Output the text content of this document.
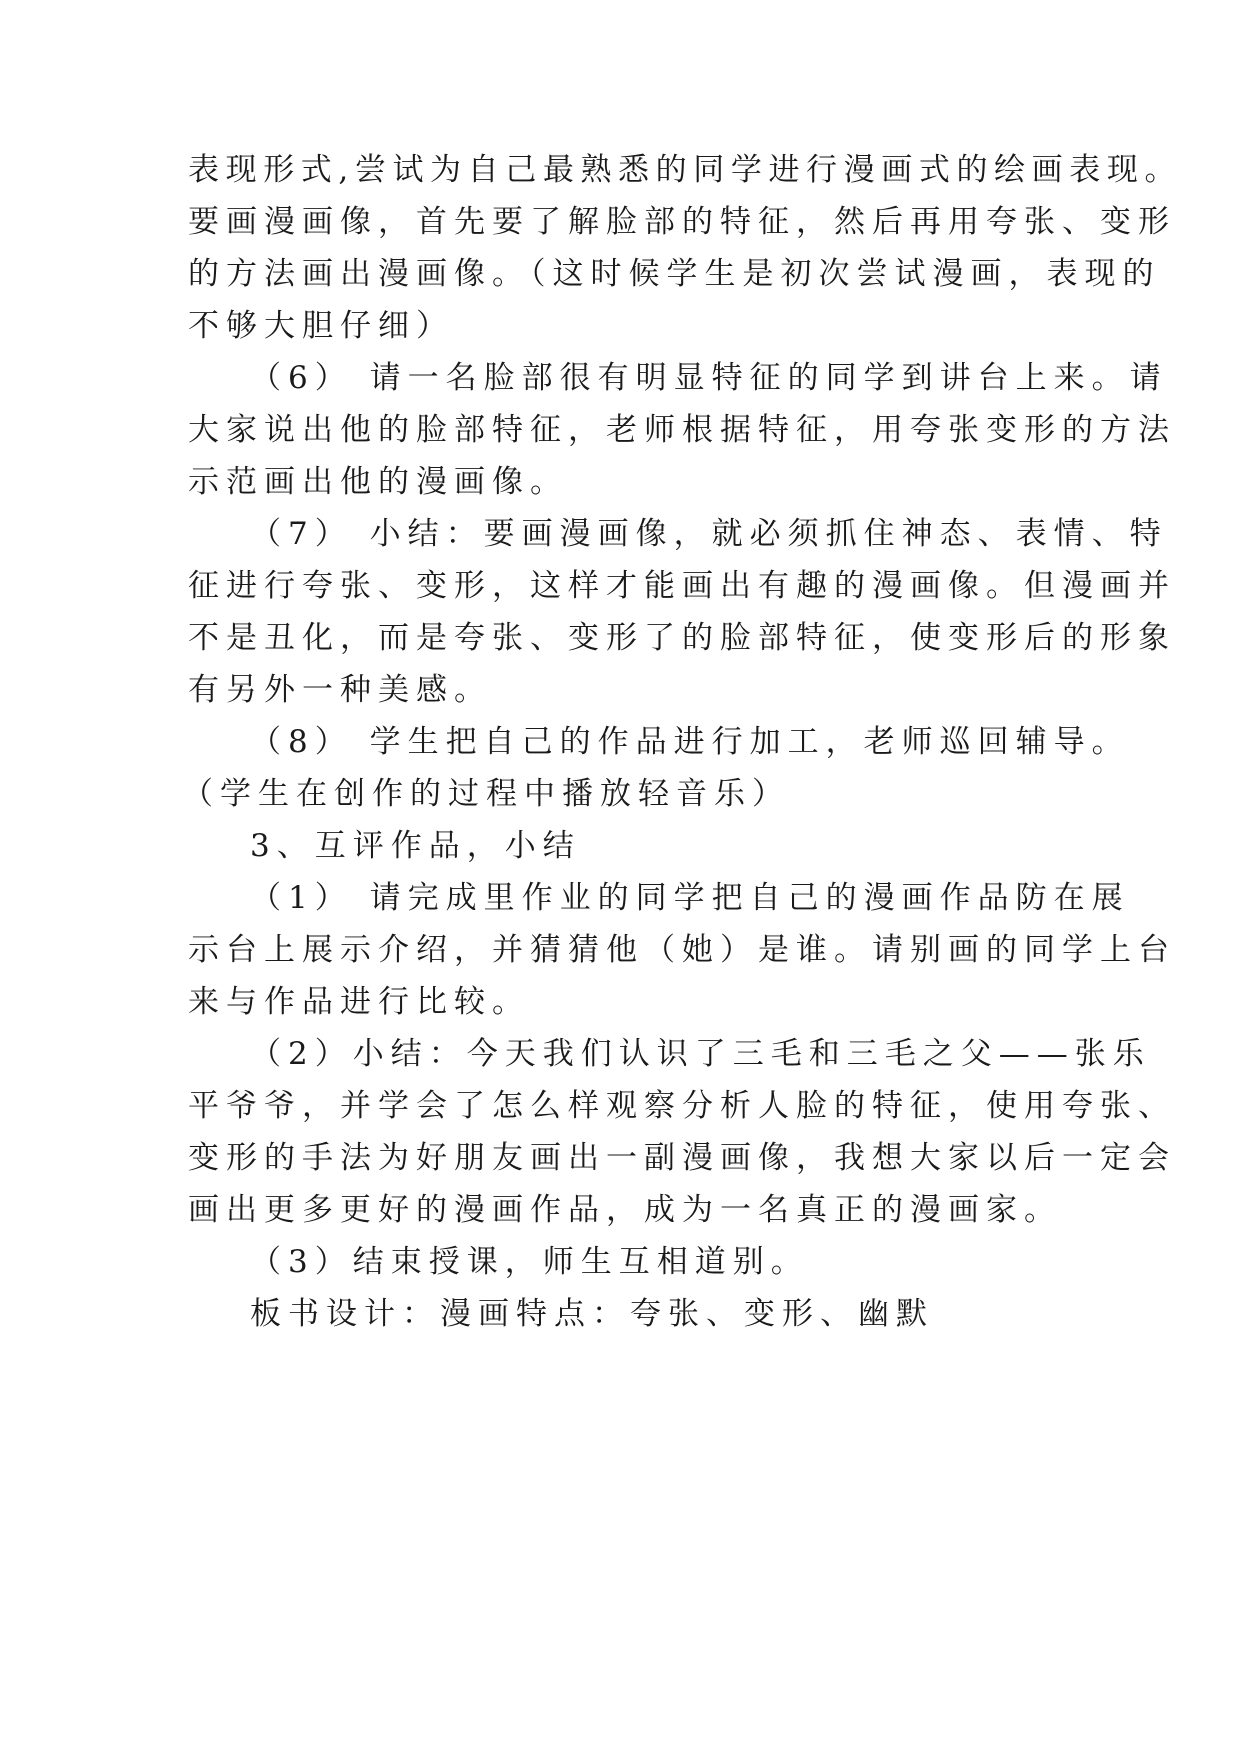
表现形式,尝试为自己最熟悉的同学进行漫画式的绘画表现。
要画漫画像，首先要了解脸部的特征，然后再用夸张、变形
的方法画出漫画像。（这时候学生是初次尝试漫画，表现的
不够大胆仔细）
（6） 请一名脸部很有明显特征的同学到讲台上来。请
大家说出他的脸部特征，老师根据特征，用夸张变形的方法
示范画出他的漫画像。
（7） 小结：要画漫画像，就必须抓住神态、表情、特
征进行夸张、变形，这样才能画出有趣的漫画像。但漫画并
不是丑化，而是夸张、变形了的脸部特征，使变形后的形象
有另外一种美感。
（8） 学生把自己的作品进行加工，老师巡回辅导。
（学生在创作的过程中播放轻音乐）
3、互评作品，小结
（1） 请完成里作业的同学把自己的漫画作品防在展
示台上展示介绍，并猜猜他（她）是谁。请别画的同学上台
来与作品进行比较。
（2）小结：今天我们认识了三毛和三毛之父——张乐
平爷爷，并学会了怎么样观察分析人脸的特征，使用夸张、
变形的手法为好朋友画出一副漫画像，我想大家以后一定会
画出更多更好的漫画作品，成为一名真正的漫画家。
（3）结束授课，师生互相道别。
板书设计：漫画特点：夸张、变形、幽默
